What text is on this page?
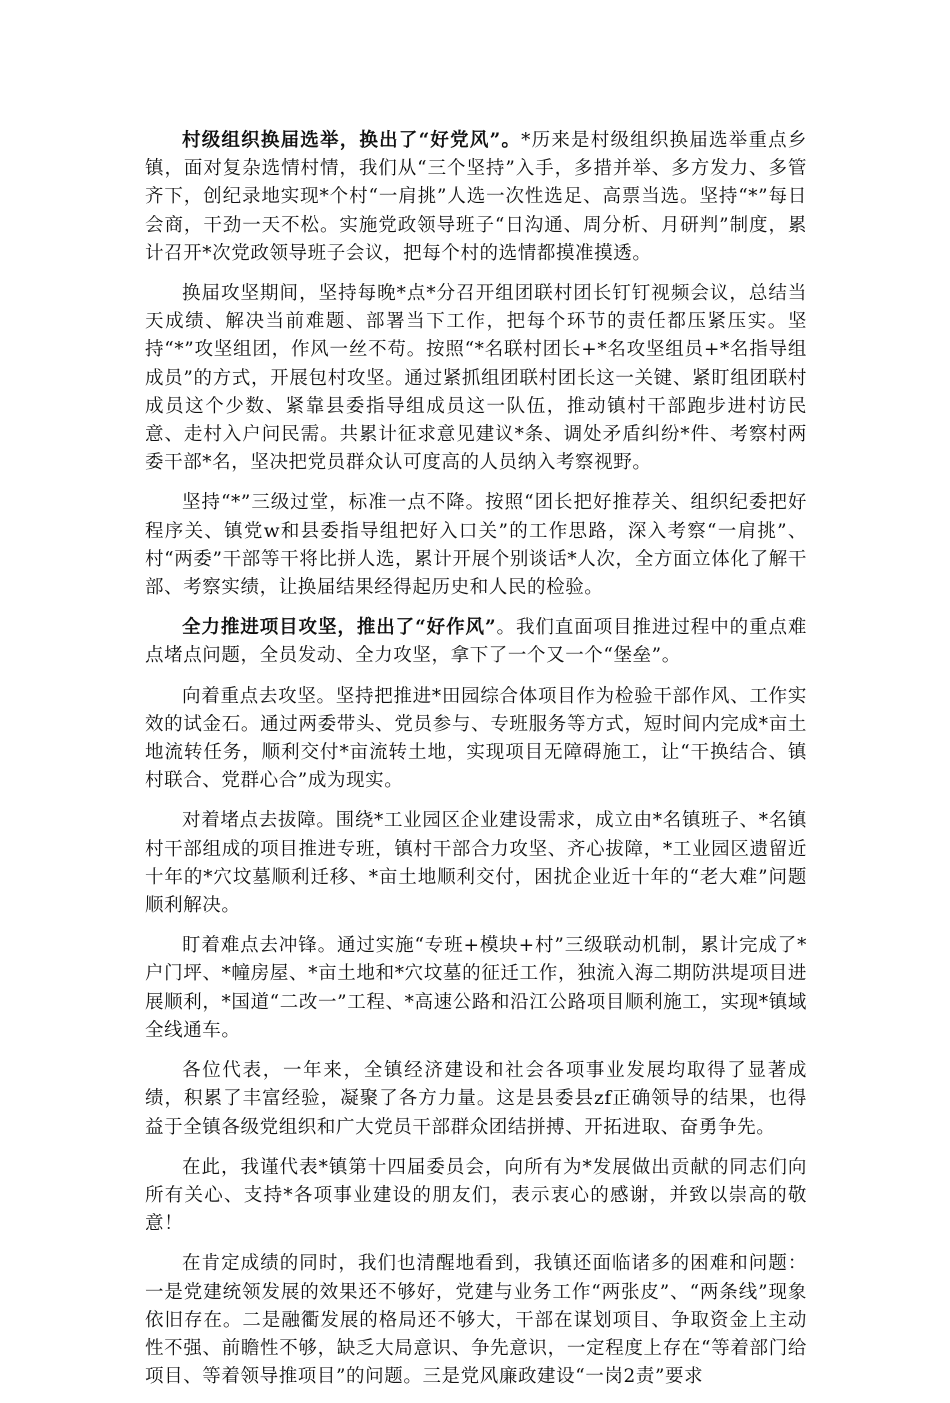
村级组织换届选举，换出了“好党风”。*历来是村级组织换届选举重点乡镇，面对复杂选情村情，我们从“三个坚持”入手，多措并举、多方发力、多管齐下，创纪录地实现*个村“一肩挑”人选一次性选足、高票当选。坚持“*”每日会商，干劲一天不松。实施党政领导班子“日沟通、周分析、月研判”制度，累计召开*次党政领导班子会议，把每个村的选情都摸准摸透。

换届攻坚期间，坚持每晚*点*分召开组团联村团长钉钉视频会议，总结当天成绩、解决当前难题、部署当下工作，把每个环节的责任都压紧压实。坚持“*”攻坚组团，作风一丝不苟。按照“*名联村团长+*名攻坚组员+*名指导组成员”的方式，开展包村攻坚。通过紧抓组团联村团长这一关键、紧盯组团联村成员这个少数、紧靠县委指导组成员这一队伍，推动镇村干部跑步进村访民意、走村入户问民需。共累计征求意见建议*条、调处矛盾纠纷*件、考察村两委干部*名，坚决把党员群众认可度高的人员纳入考察视野。

坚持“*”三级过堂，标准一点不降。按照“团长把好推荐关、组织纪委把好程序关、镇党w和县委指导组把好入口关”的工作思路，深入考察“一肩挑”、村“两委”干部等干将比拼人选，累计开展个别谈话*人次，全方面立体化了解干部、考察实绩，让换届结果经得起历史和人民的检验。

全力推进项目攻坚，推出了“好作风”。我们直面项目推进过程中的重点难点堵点问题，全员发动、全力攻坚，拿下了一个又一个“堡垒”。

向着重点去攻坚。坚持把推进*田园综合体项目作为检验干部作风、工作实效的试金石。通过两委带头、党员参与、专班服务等方式，短时间内完成*亩土地流转任务，顺利交付*亩流转土地，实现项目无障碍施工，让“干换结合、镇村联合、党群心合”成为现实。

对着堵点去拔障。围绕*工业园区企业建设需求，成立由*名镇班子、*名镇村干部组成的项目推进专班，镇村干部合力攻坚、齐心拔障，*工业园区遗留近十年的*穴坟墓顺利迁移、*亩土地顺利交付，困扰企业近十年的“老大难”问题顺利解决。

盯着难点去冲锋。通过实施“专班+模块+村”三级联动机制，累计完成了*户门坪、*幢房屋、*亩土地和*穴坟墓的征迁工作，独流入海二期防洪堤项目进展顺利，*国道“二改一”工程、*高速公路和沿江公路项目顺利施工，实现*镇域全线通车。

各位代表，一年来，全镇经济建设和社会各项事业发展均取得了显著成绩，积累了丰富经验，凝聚了各方力量。这是县委县zf正确领导的结果，也得益于全镇各级党组织和广大党员干部群众团结拼搏、开拓进取、奋勇争先。

在此，我谨代表*镇第十四届委员会，向所有为*发展做出贡献的同志们向所有关心、支持*各项事业建设的朋友们，表示衷心的感谢，并致以崇高的敬意！

在肯定成绩的同时，我们也清醒地看到，我镇还面临诸多的困难和问题：一是党建统领发展的效果还不够好，党建与业务工作“两张皮”、“两条线”现象依旧存在。二是融衢发展的格局还不够大，干部在谋划项目、争取资金上主动性不强、前瞻性不够，缺乏大局意识、争先意识，一定程度上存在“等着部门给项目、等着领导推项目”的问题。三是党风廉政建设“一岗2责”要求
